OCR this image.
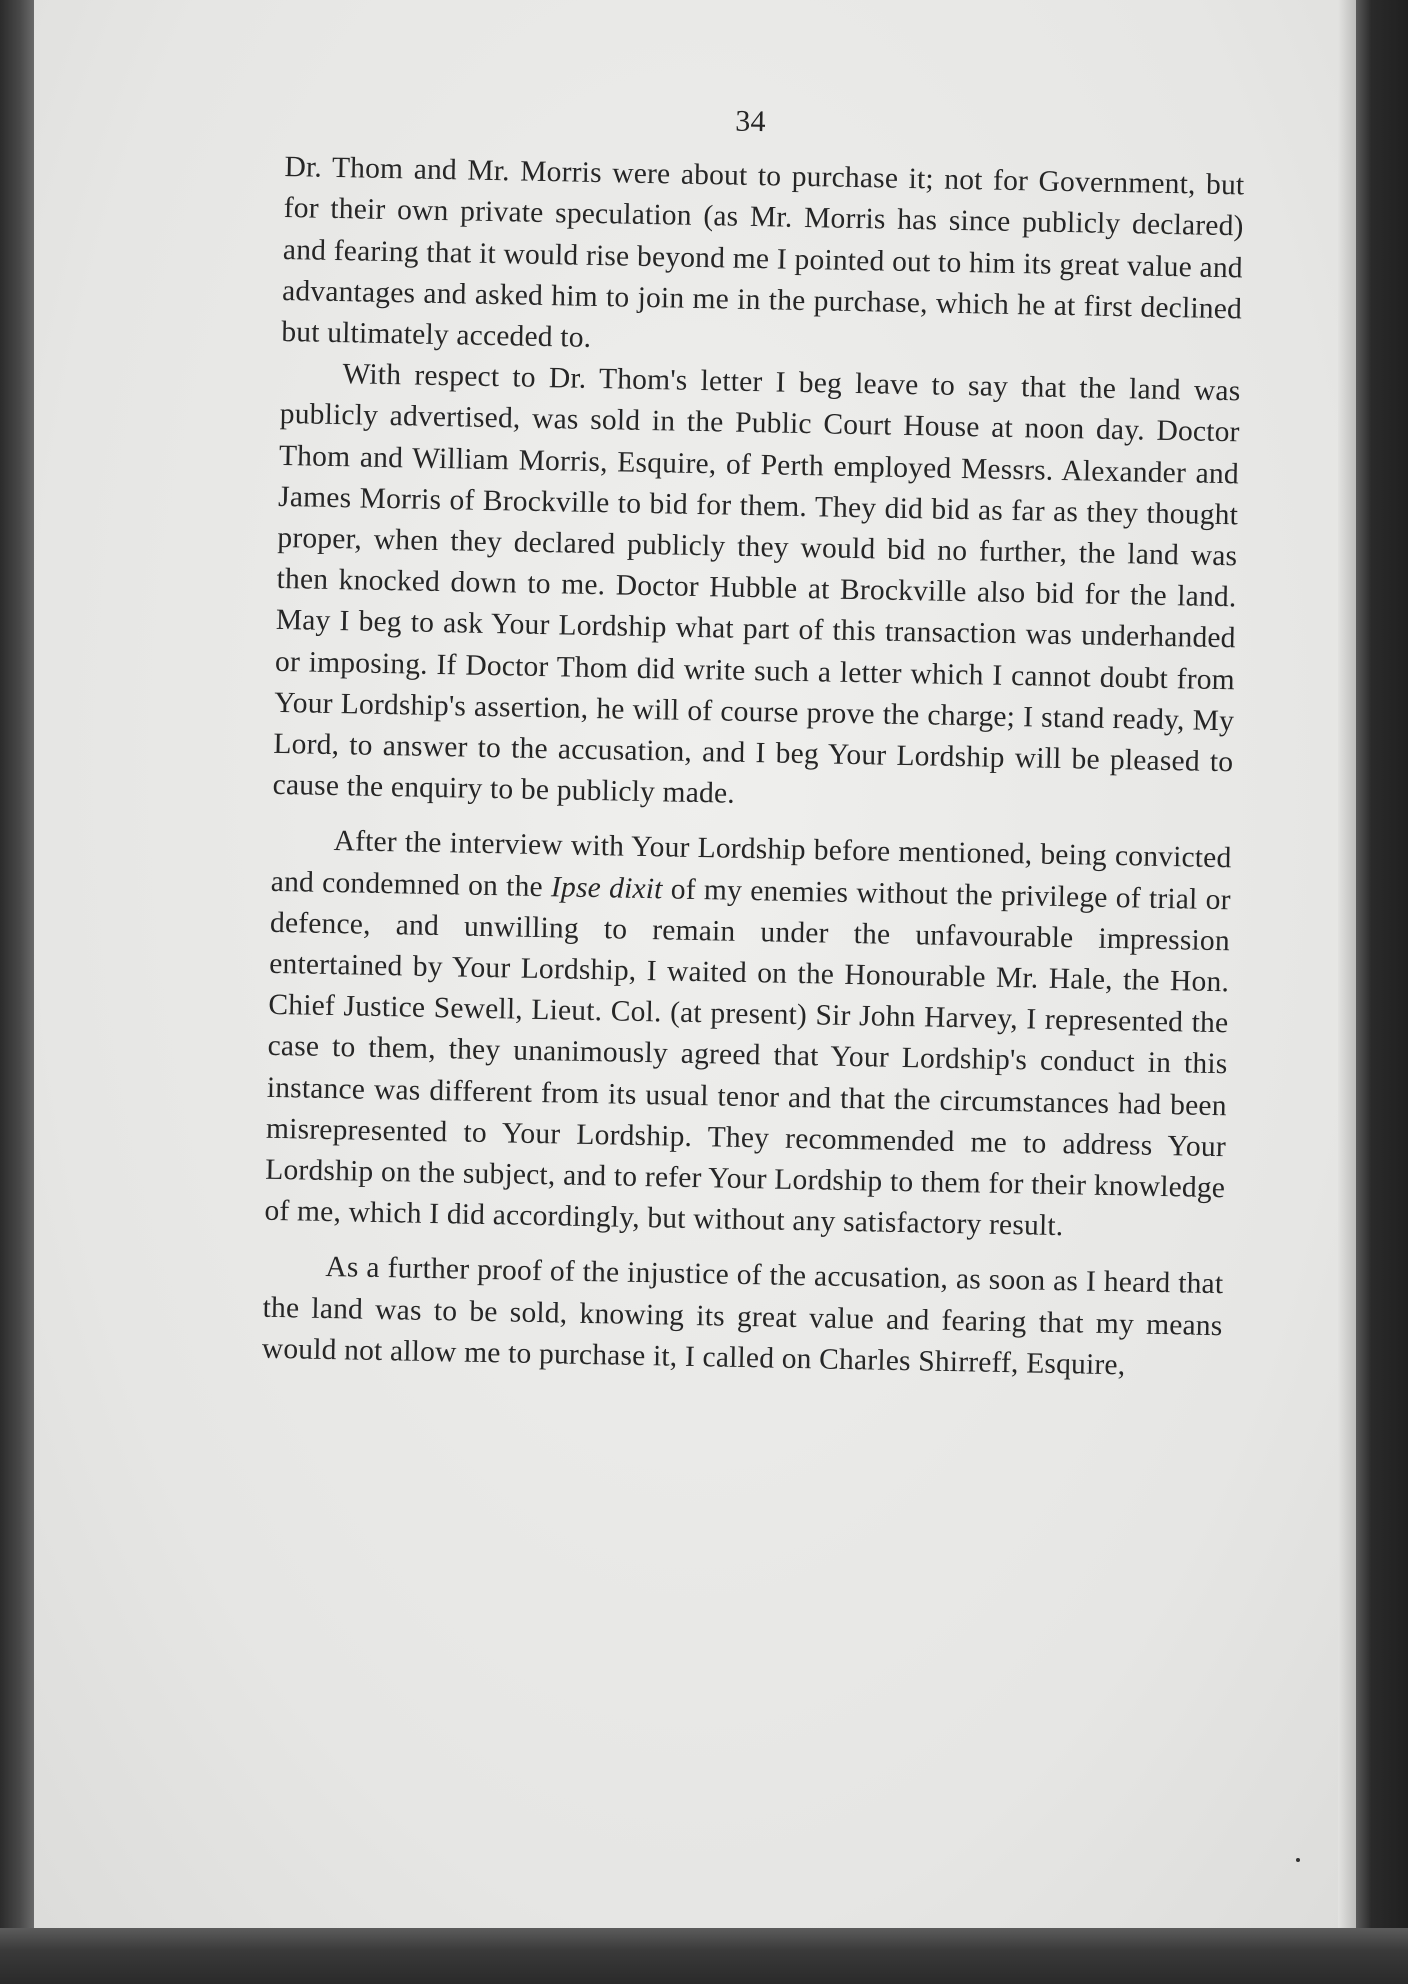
34

Dr. Thom and Mr. Morris were about to purchase it; not for Government, but for their own private speculation (as Mr. Morris has since publicly declared) and fearing that it would rise beyond me I pointed out to him its great value and advantages and asked him to join me in the purchase, which he at first declined but ultimately acceded to.

With respect to Dr. Thom's letter I beg leave to say that the land was publicly advertised, was sold in the Public Court House at noon day. Doctor Thom and William Morris, Esquire, of Perth employed Messrs. Alexander and James Morris of Brockville to bid for them. They did bid as far as they thought proper, when they declared publicly they would bid no further, the land was then knocked down to me. Doctor Hubble at Brockville also bid for the land. May I beg to ask Your Lordship what part of this transaction was underhanded or imposing. If Doctor Thom did write such a letter which I cannot doubt from Your Lordship's assertion, he will of course prove the charge; I stand ready, My Lord, to answer to the accusation, and I beg Your Lordship will be pleased to cause the enquiry to be publicly made.

After the interview with Your Lordship before mentioned, being convicted and condemned on the Ipse dixit of my enemies without the privilege of trial or defence, and unwilling to remain under the unfavourable impression entertained by Your Lordship, I waited on the Honourable Mr. Hale, the Hon. Chief Justice Sewell, Lieut. Col. (at present) Sir John Harvey, I represented the case to them, they unanimously agreed that Your Lordship's conduct in this instance was different from its usual tenor and that the circumstances had been misrepresented to Your Lordship. They recommended me to address Your Lordship on the subject, and to refer Your Lordship to them for their knowledge of me, which I did accordingly, but without any satisfactory result.

As a further proof of the injustice of the accusation, as soon as I heard that the land was to be sold, knowing its great value and fearing that my means would not allow me to purchase it, I called on Charles Shirreff, Esquire,
